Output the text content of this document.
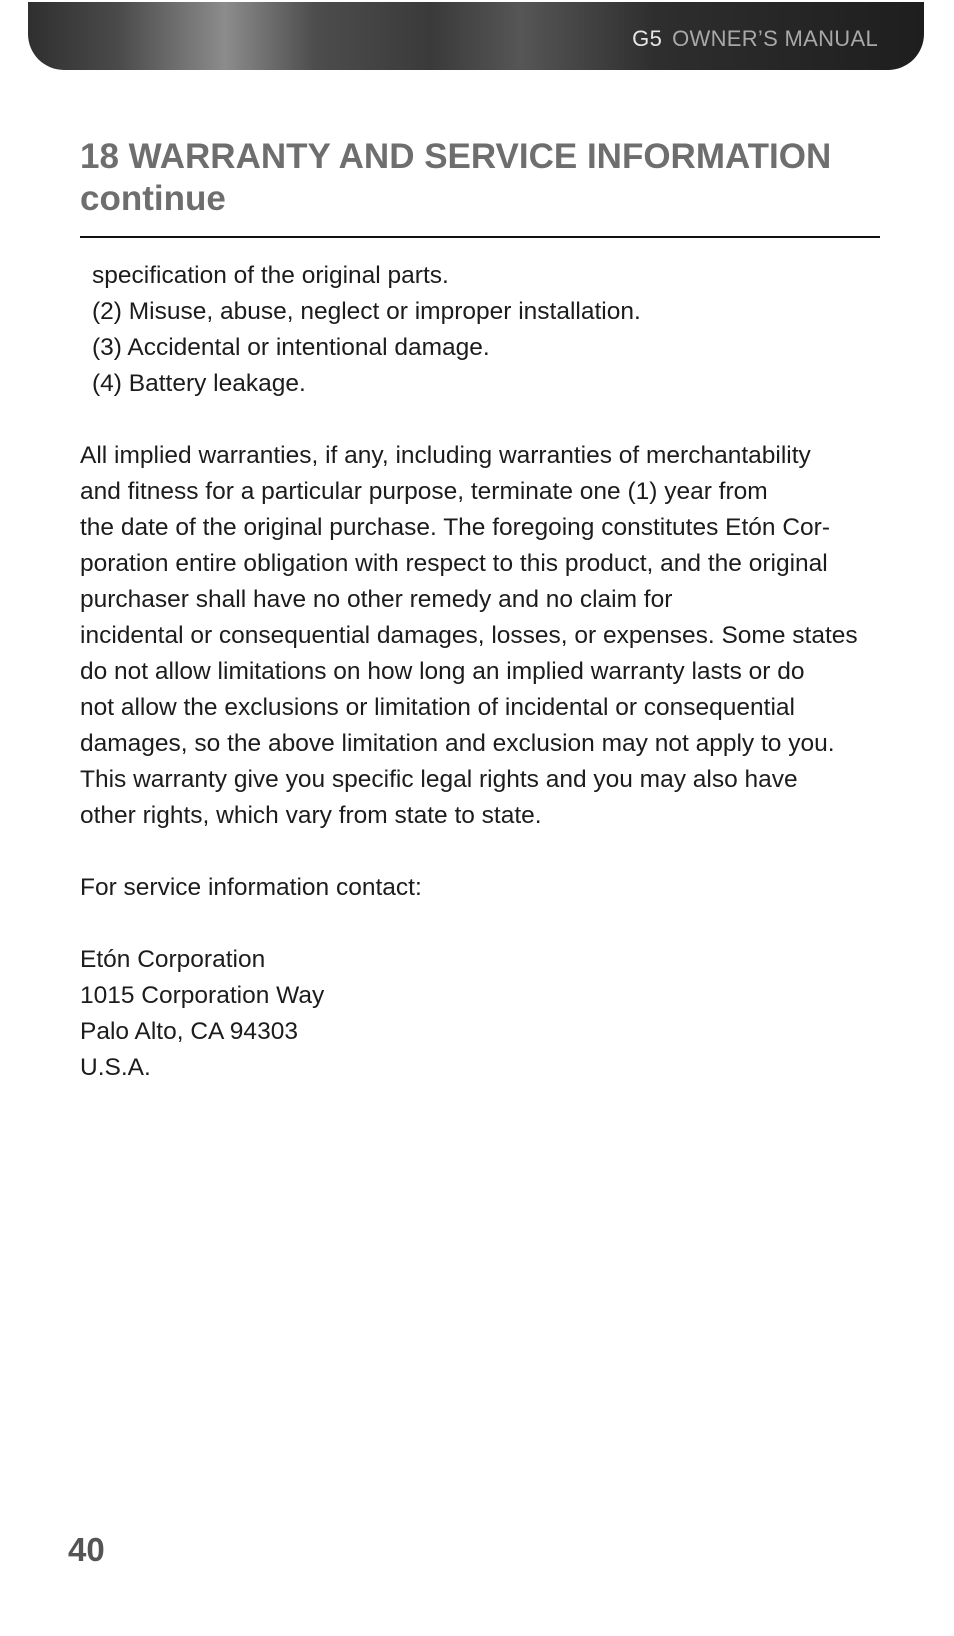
G5 OWNER’S MANUAL
18 WARRANTY AND SERVICE INFORMATION
continue
specification of the original parts.
(2) Misuse, abuse, neglect or improper installation.
(3) Accidental or intentional damage.
(4) Battery leakage.
All implied warranties, if any, including warranties of merchantability
and fitness for a particular purpose, terminate one (1) year from
the date of the original purchase. The foregoing constitutes Etón Cor-
poration entire obligation with respect to this product, and the original
purchaser shall have no other remedy and no claim for
incidental or consequential damages, losses, or expenses. Some states
do not allow limitations on how long an implied warranty lasts or do
not allow the exclusions or limitation of incidental or consequential
damages, so the above limitation and exclusion may not apply to you.
This warranty give you specific legal rights and you may also have
other rights, which vary from state to state.
For service information contact:
Etón Corporation
1015 Corporation Way
Palo Alto, CA 94303
U.S.A.
40
